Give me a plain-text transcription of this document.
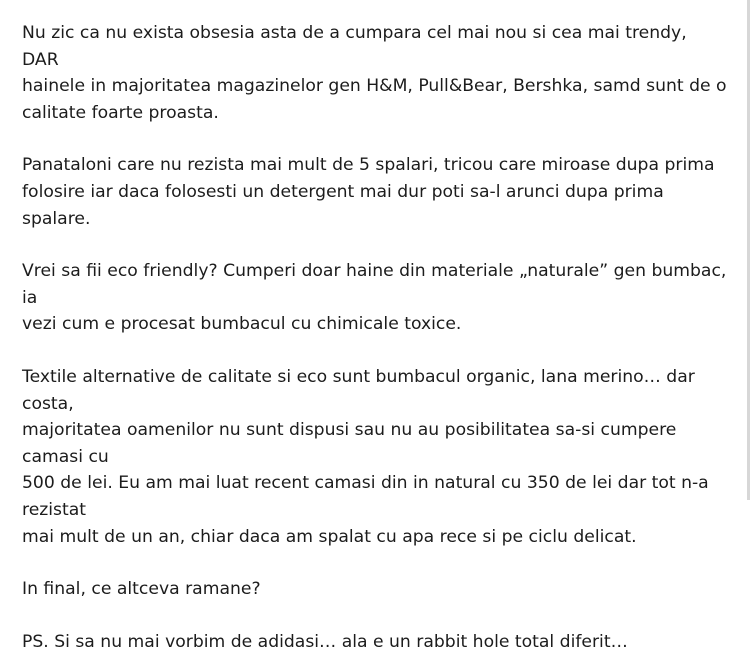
Nu zic ca nu exista obsesia asta de a cumpara cel mai nou si cea mai trendy, DAR
hainele in majoritatea magazinelor gen H&M, Pull&Bear, Bershka, samd sunt de o
calitate foarte proasta.

Panataloni care nu rezista mai mult de 5 spalari, tricou care miroase dupa prima
folosire iar daca folosesti un detergent mai dur poti sa-l arunci dupa prima spalare.

Vrei sa fii eco friendly? Cumperi doar haine din materiale „naturale” gen bumbac, ia
vezi cum e procesat bumbacul cu chimicale toxice.

Textile alternative de calitate si eco sunt bumbacul organic, lana merino… dar costa,
majoritatea oamenilor nu sunt dispusi sau nu au posibilitatea sa-si cumpere camasi cu
500 de lei. Eu am mai luat recent camasi din in natural cu 350 de lei dar tot n-a rezistat
mai mult de un an, chiar daca am spalat cu apa rece si pe ciclu delicat.

In final, ce altceva ramane?

PS. Si sa nu mai vorbim de adidasi… ala e un rabbit hole total diferit…
